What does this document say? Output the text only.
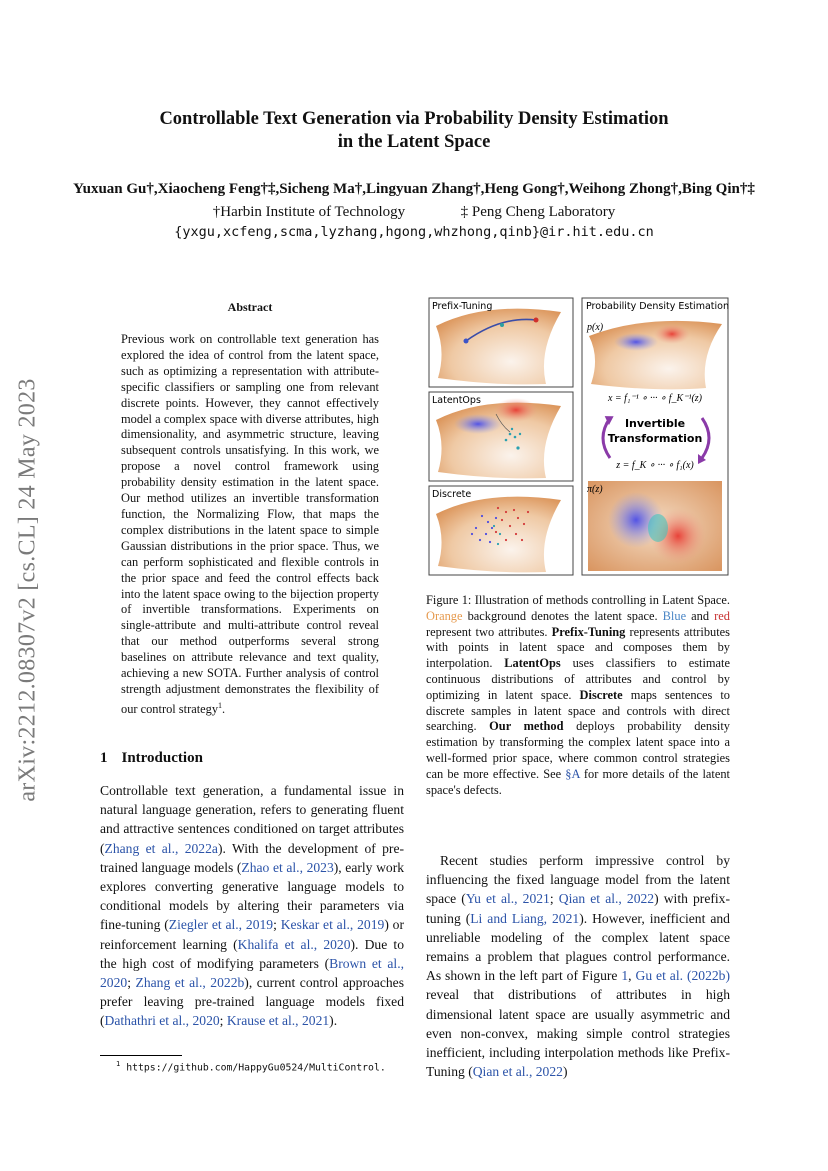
Controllable Text Generation via Probability Density Estimation
in the Latent Space
Yuxuan Gu†,Xiaocheng Feng†‡,Sicheng Ma†,Lingyuan Zhang†,Heng Gong†,Weihong Zhong†,Bing Qin†‡
†Harbin Institute of Technology	‡ Peng Cheng Laboratory
{yxgu,xcfeng,scma,lyzhang,hgong,whzhong,qinb}@ir.hit.edu.cn
arXiv:2212.08307v2 [cs.CL] 24 May 2023
Abstract
Previous work on controllable text generation has explored the idea of control from the latent space, such as optimizing a representation with attribute-specific classifiers or sampling one from relevant discrete points. However, they cannot effectively model a complex space with diverse attributes, high dimensionality, and asymmetric structure, leaving subsequent controls unsatisfying. In this work, we propose a novel control framework using probability density estimation in the latent space. Our method utilizes an invertible transformation function, the Normalizing Flow, that maps the complex distributions in the latent space to simple Gaussian distributions in the prior space. Thus, we can perform sophisticated and flexible controls in the prior space and feed the control effects back into the latent space owing to the bijection property of invertible transformations. Experiments on single-attribute and multi-attribute control reveal that our method outperforms several strong baselines on attribute relevance and text quality, achieving a new SOTA. Further analysis of control strength adjustment demonstrates the flexibility of our control strategy$^1$.
1 Introduction
Controllable text generation, a fundamental issue in natural language generation, refers to generating fluent and attractive sentences conditioned on target attributes (Zhang et al., 2022a). With the development of pre-trained language models (Zhao et al., 2023), early work explores converting generative language models to conditional models by altering their parameters via fine-tuning (Ziegler et al., 2019; Keskar et al., 2019) or reinforcement learning (Khalifa et al., 2020). Due to the high cost of modifying parameters (Brown et al., 2020; Zhang et al., 2022b), current control approaches prefer leaving pre-trained language models fixed (Dathathri et al., 2020; Krause et al., 2021).
$^1$ https://github.com/HappyGu0524/MultiControl.
Prefix-Tuning
LatentOps
Discrete
Probability Density Estimation
p(x)
x = f₁⁻¹ ∘ ··· ∘ f_K⁻¹(z)
Invertible
Transformation
z = f_K ∘ ··· ∘ f₁(x)
π(z)
Figure 1: Illustration of methods controlling in Latent Space. Orange background denotes the latent space. Blue and red represent two attributes. Prefix-Tuning represents attributes with points in latent space and composes them by interpolation. LatentOps uses classifiers to estimate continuous distributions of attributes and control by optimizing in latent space. Discrete maps sentences to discrete samples in latent space and controls with direct searching. Our method deploys probability density estimation by transforming the complex latent space into a well-formed prior space, where common control strategies can be more effective. See §A for more details of the latent space's defects.
Recent studies perform impressive control by influencing the fixed language model from the latent space (Yu et al., 2021; Qian et al., 2022) with prefix-tuning (Li and Liang, 2021). However, inefficient and unreliable modeling of the complex latent space remains a problem that plagues control performance. As shown in the left part of Figure 1, Gu et al. (2022b) reveal that distributions of attributes in high dimensional latent space are usually asymmetric and even non-convex, making simple control strategies inefficient, including interpolation methods like Prefix-Tuning (Qian et al., 2022)
